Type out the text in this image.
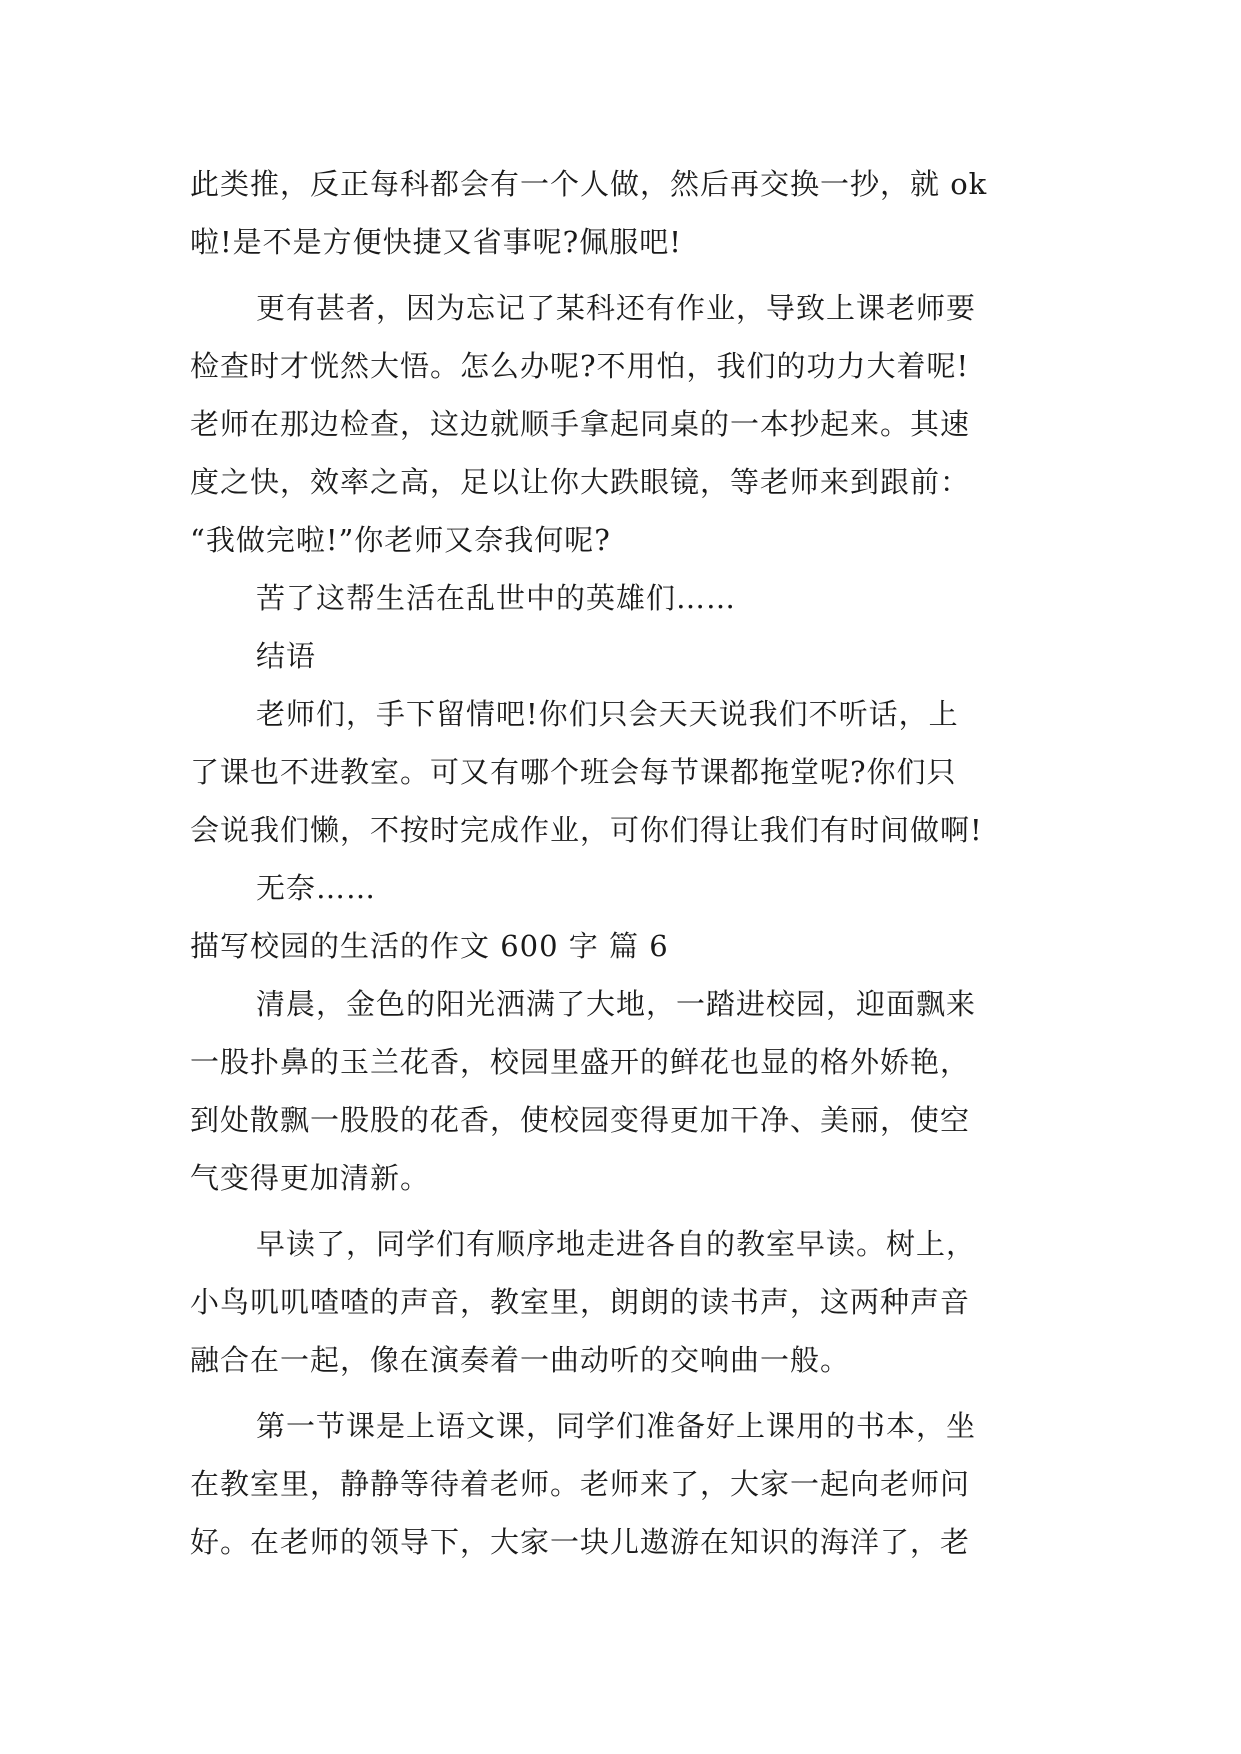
此类推，反正每科都会有一个人做，然后再交换一抄，就 ok
啦!是不是方便快捷又省事呢?佩服吧!
更有甚者，因为忘记了某科还有作业，导致上课老师要
检查时才恍然大悟。怎么办呢?不用怕，我们的功力大着呢!
老师在那边检查，这边就顺手拿起同桌的一本抄起来。其速
度之快，效率之高，足以让你大跌眼镜，等老师来到跟前：
“我做完啦!”你老师又奈我何呢?
苦了这帮生活在乱世中的英雄们……
结语
老师们，手下留情吧!你们只会天天说我们不听话，上
了课也不进教室。可又有哪个班会每节课都拖堂呢?你们只
会说我们懒，不按时完成作业，可你们得让我们有时间做啊!
无奈……
描写校园的生活的作文 600 字 篇 6
清晨，金色的阳光洒满了大地，一踏进校园，迎面飘来
一股扑鼻的玉兰花香，校园里盛开的鲜花也显的格外娇艳，
到处散飘一股股的花香，使校园变得更加干净、美丽，使空
气变得更加清新。
早读了，同学们有顺序地走进各自的教室早读。树上，
小鸟叽叽喳喳的声音，教室里，朗朗的读书声，这两种声音
融合在一起，像在演奏着一曲动听的交响曲一般。
第一节课是上语文课，同学们准备好上课用的书本，坐
在教室里，静静等待着老师。老师来了，大家一起向老师问
好。在老师的领导下，大家一块儿遨游在知识的海洋了，老
